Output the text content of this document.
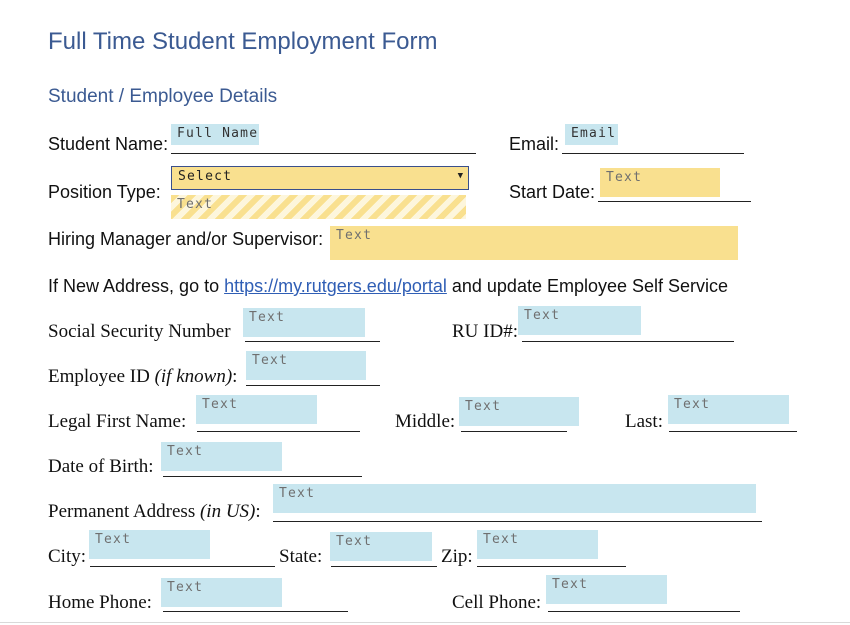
Full Time Student Employment Form
Student / Employee Details
Student Name:
Full Name
Email:
Email
Position Type:
Select	▼
Text
Start Date:
Text
Hiring Manager and/or Supervisor: Text
If New Address, go to https://my.rutgers.edu/portal and update Employee Self Service
Social Security Number
Text
RU ID#:
Text
Employee ID (if known):
Text
Legal First Name:
Text
Middle:
Text
Last:
Text
Date of Birth:
Text
Permanent Address (in US):
Text
City:
Text
State:
Text
Zip:
Text
Home Phone:
Text
Cell Phone:
Text
